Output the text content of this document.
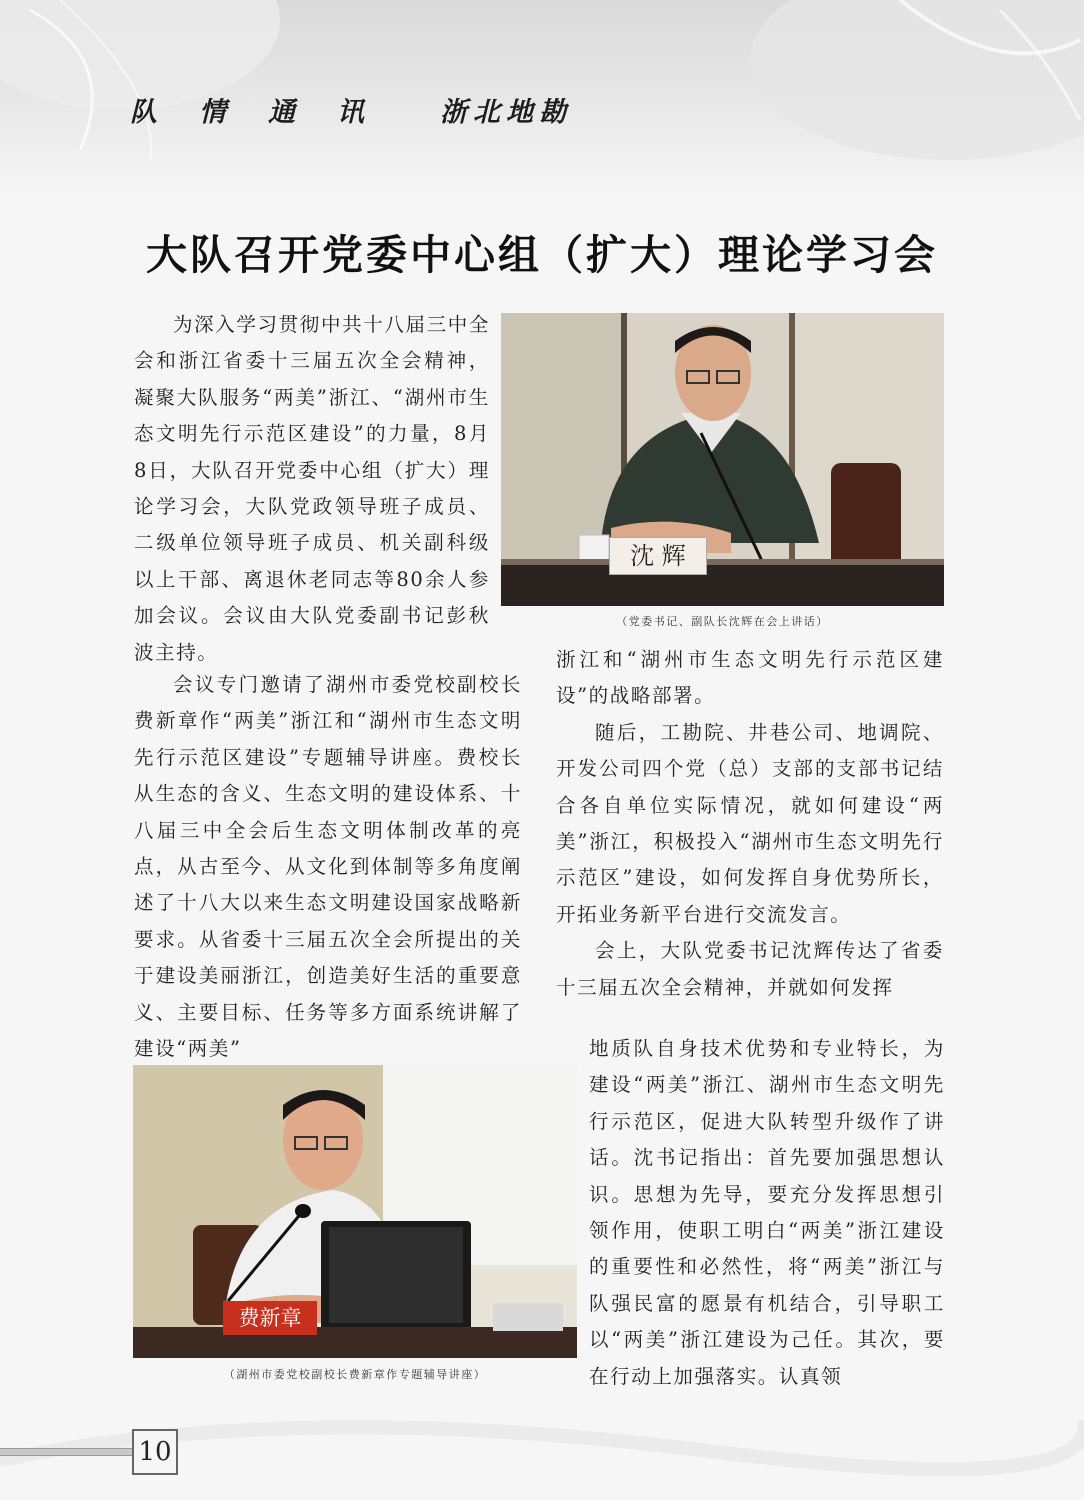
队情通讯 浙北地勘
大队召开党委中心组（扩大）理论学习会

为深入学习贯彻中共十八届三中全会和浙江省委十三届五次全会精神，凝聚大队服务“两美”浙江、“湖州市生态文明先行示范区建设”的力量，8月8日，大队召开党委中心组（扩大）理论学习会，大队党政领导班子成员、二级单位领导班子成员、机关副科级以上干部、离退休老同志等80余人参加会议。会议由大队党委副书记彭秋波主持。

会议专门邀请了湖州市委党校副校长费新章作“两美”浙江和“湖州市生态文明先行示范区建设”专题辅导讲座。费校长从生态的含义、生态文明的建设体系、十八届三中全会后生态文明体制改革的亮点，从古至今、从文化到体制等多角度阐述了十八大以来生态文明建设国家战略新要求。从省委十三届五次全会所提出的关于建设美丽浙江，创造美好生活的重要意义、主要目标、任务等多方面系统讲解了建设“两美”

沈 辉
（党委书记、副队长沈辉在会上讲话）

浙江和“湖州市生态文明先行示范区建设”的战略部署。

随后，工勘院、井巷公司、地调院、开发公司四个党（总）支部的支部书记结合各自单位实际情况，就如何建设“两美”浙江，积极投入“湖州市生态文明先行示范区”建设，如何发挥自身优势所长，开拓业务新平台进行交流发言。

会上，大队党委书记沈辉传达了省委十三届五次全会精神，并就如何发挥

地质队自身技术优势和专业特长，为建设“两美”浙江、湖州市生态文明先行示范区，促进大队转型升级作了讲话。沈书记指出：首先要加强思想认识。思想为先导，要充分发挥思想引领作用，使职工明白“两美”浙江建设的重要性和必然性，将“两美”浙江与队强民富的愿景有机结合，引导职工以“两美”浙江建设为己任。其次，要在行动上加强落实。认真领

费新章
（湖州市委党校副校长费新章作专题辅导讲座）
10
